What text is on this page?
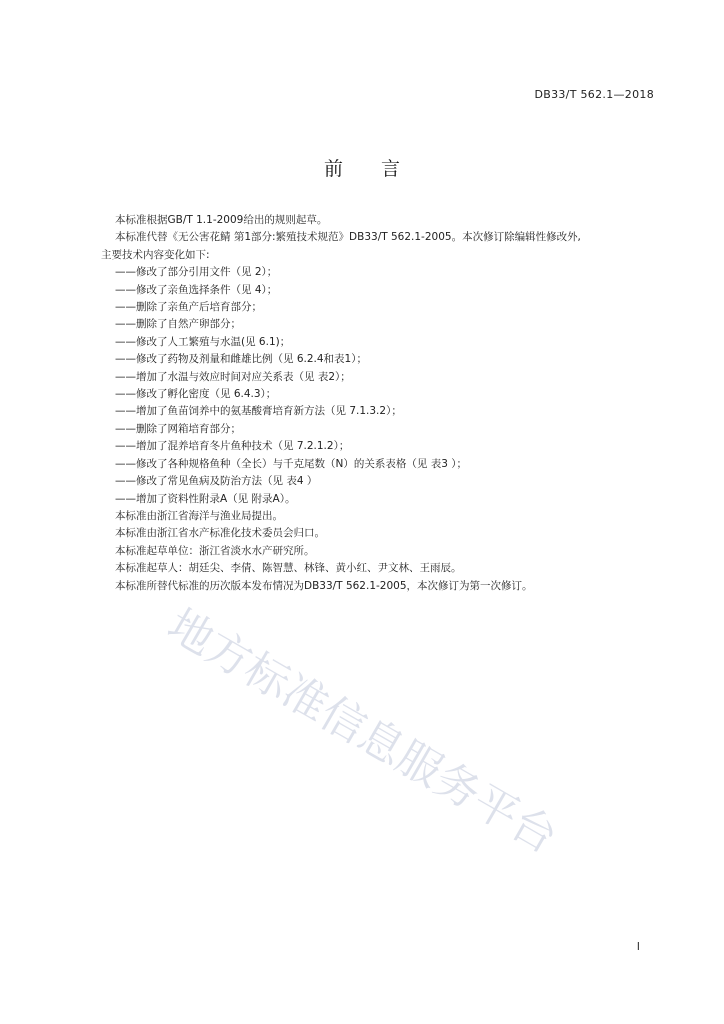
DB33/T 562.1—2018
前　　言

本标准根据GB/T 1.1-2009给出的规则起草。

本标准代替《无公害花鲭 第1部分:繁殖技术规范》DB33/T 562.1-2005。本次修订除编辑性修改外,

主要技术内容变化如下:

——修改了部分引用文件（见 2）；

——修改了亲鱼选择条件（见 4）；

——删除了亲鱼产后培育部分；

——删除了自然产卵部分；

——修改了人工繁殖与水温(见 6.1)；

——修改了药物及剂量和雌雄比例（见 6.2.4和表1）；

——增加了水温与效应时间对应关系表（见 表2）；

——修改了孵化密度（见 6.4.3）；

——增加了鱼苗饲养中的氨基酸膏培育新方法（见 7.1.3.2）；

——删除了网箱培育部分；

——增加了混养培育冬片鱼种技术（见 7.2.1.2）；

——修改了各种规格鱼种（全长）与千克尾数（N）的关系表格（见 表3 ）；

——修改了常见鱼病及防治方法（见 表4 ）

——增加了资料性附录A（见 附录A）。

本标准由浙江省海洋与渔业局提出。

本标准由浙江省水产标准化技术委员会归口。

本标准起草单位：浙江省淡水水产研究所。

本标准起草人：胡廷尖、李倩、陈智慧、林锋、黄小红、尹文林、王雨辰。

本标准所替代标准的历次版本发布情况为DB33/T 562.1-2005，本次修订为第一次修订。

地方标准信息服务平台
I
